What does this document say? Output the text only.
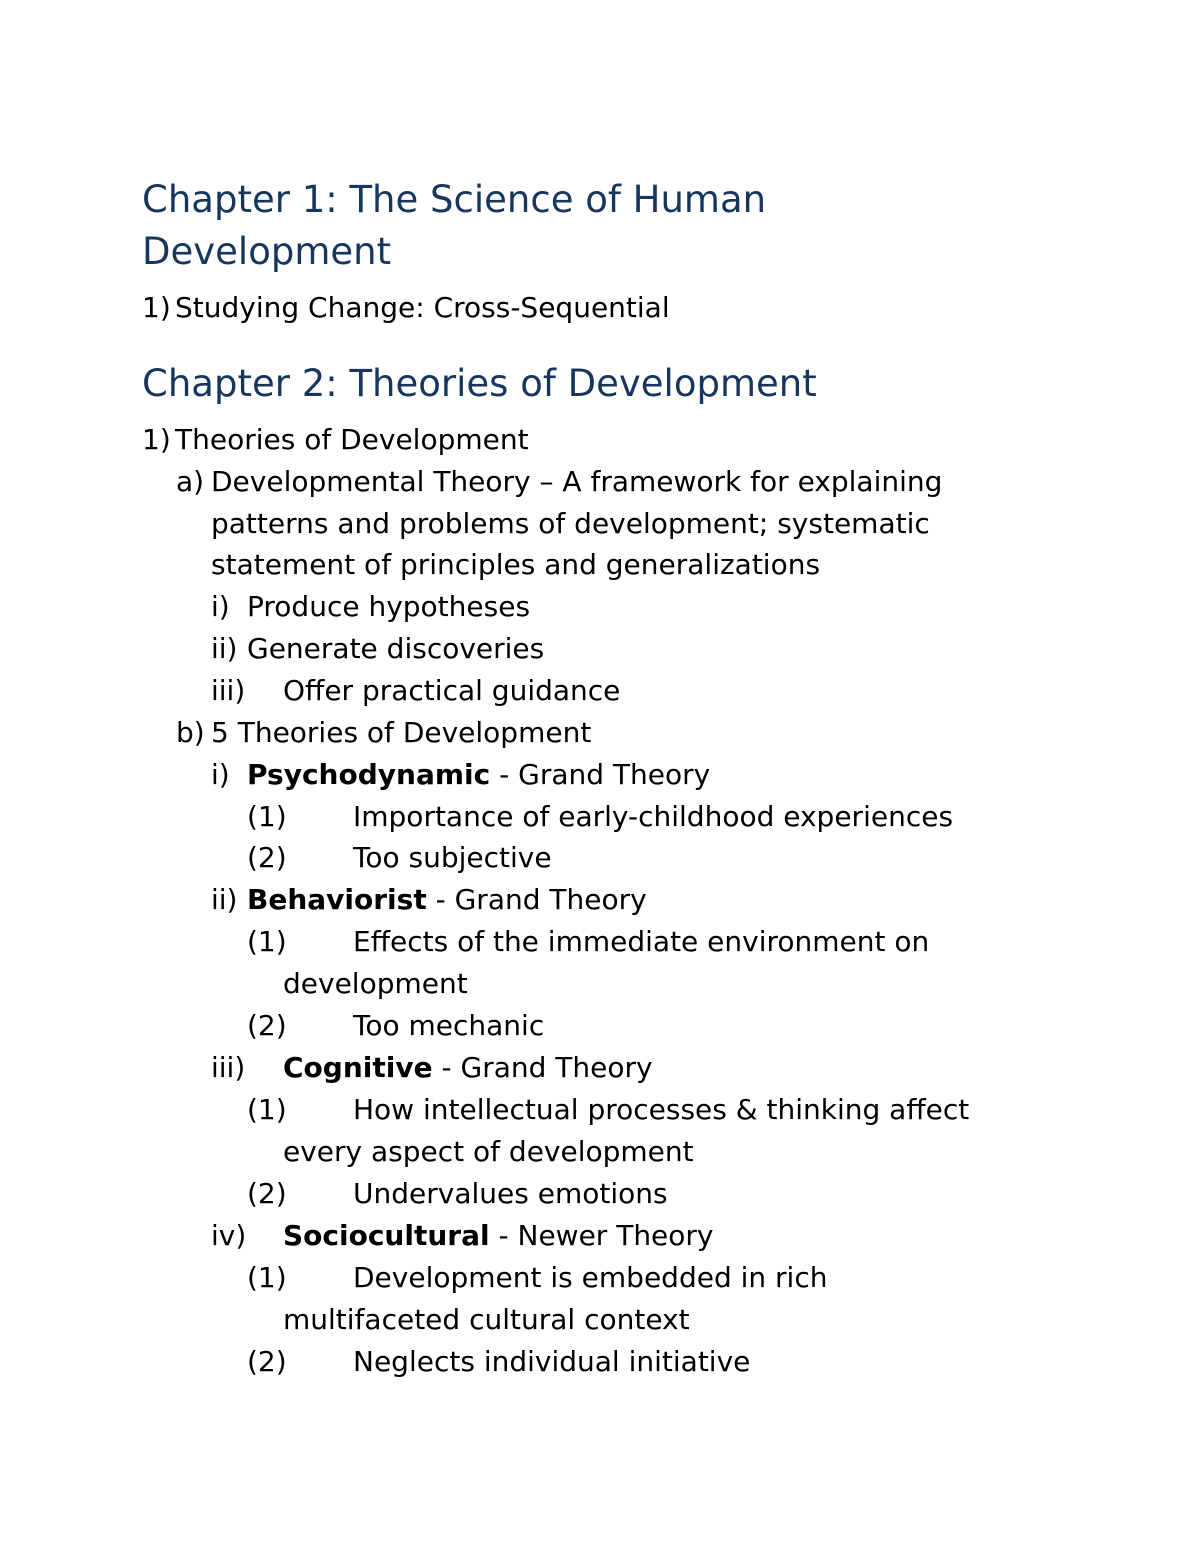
Chapter 1: The Science of Human
Development
1) Studying Change: Cross-Sequential
Chapter 2: Theories of Development
1) Theories of Development
a) Developmental Theory – A framework for explaining
patterns and problems of development; systematic
statement of principles and generalizations
i) Produce hypotheses
ii) Generate discoveries
iii) Offer practical guidance
b) 5 Theories of Development
i) Psychodynamic - Grand Theory
(1) Importance of early-childhood experiences
(2) Too subjective
ii) Behaviorist - Grand Theory
(1) Effects of the immediate environment on
development
(2) Too mechanic
iii) Cognitive - Grand Theory
(1) How intellectual processes & thinking affect
every aspect of development
(2) Undervalues emotions
iv) Sociocultural - Newer Theory
(1) Development is embedded in rich
multifaceted cultural context
(2) Neglects individual initiative
